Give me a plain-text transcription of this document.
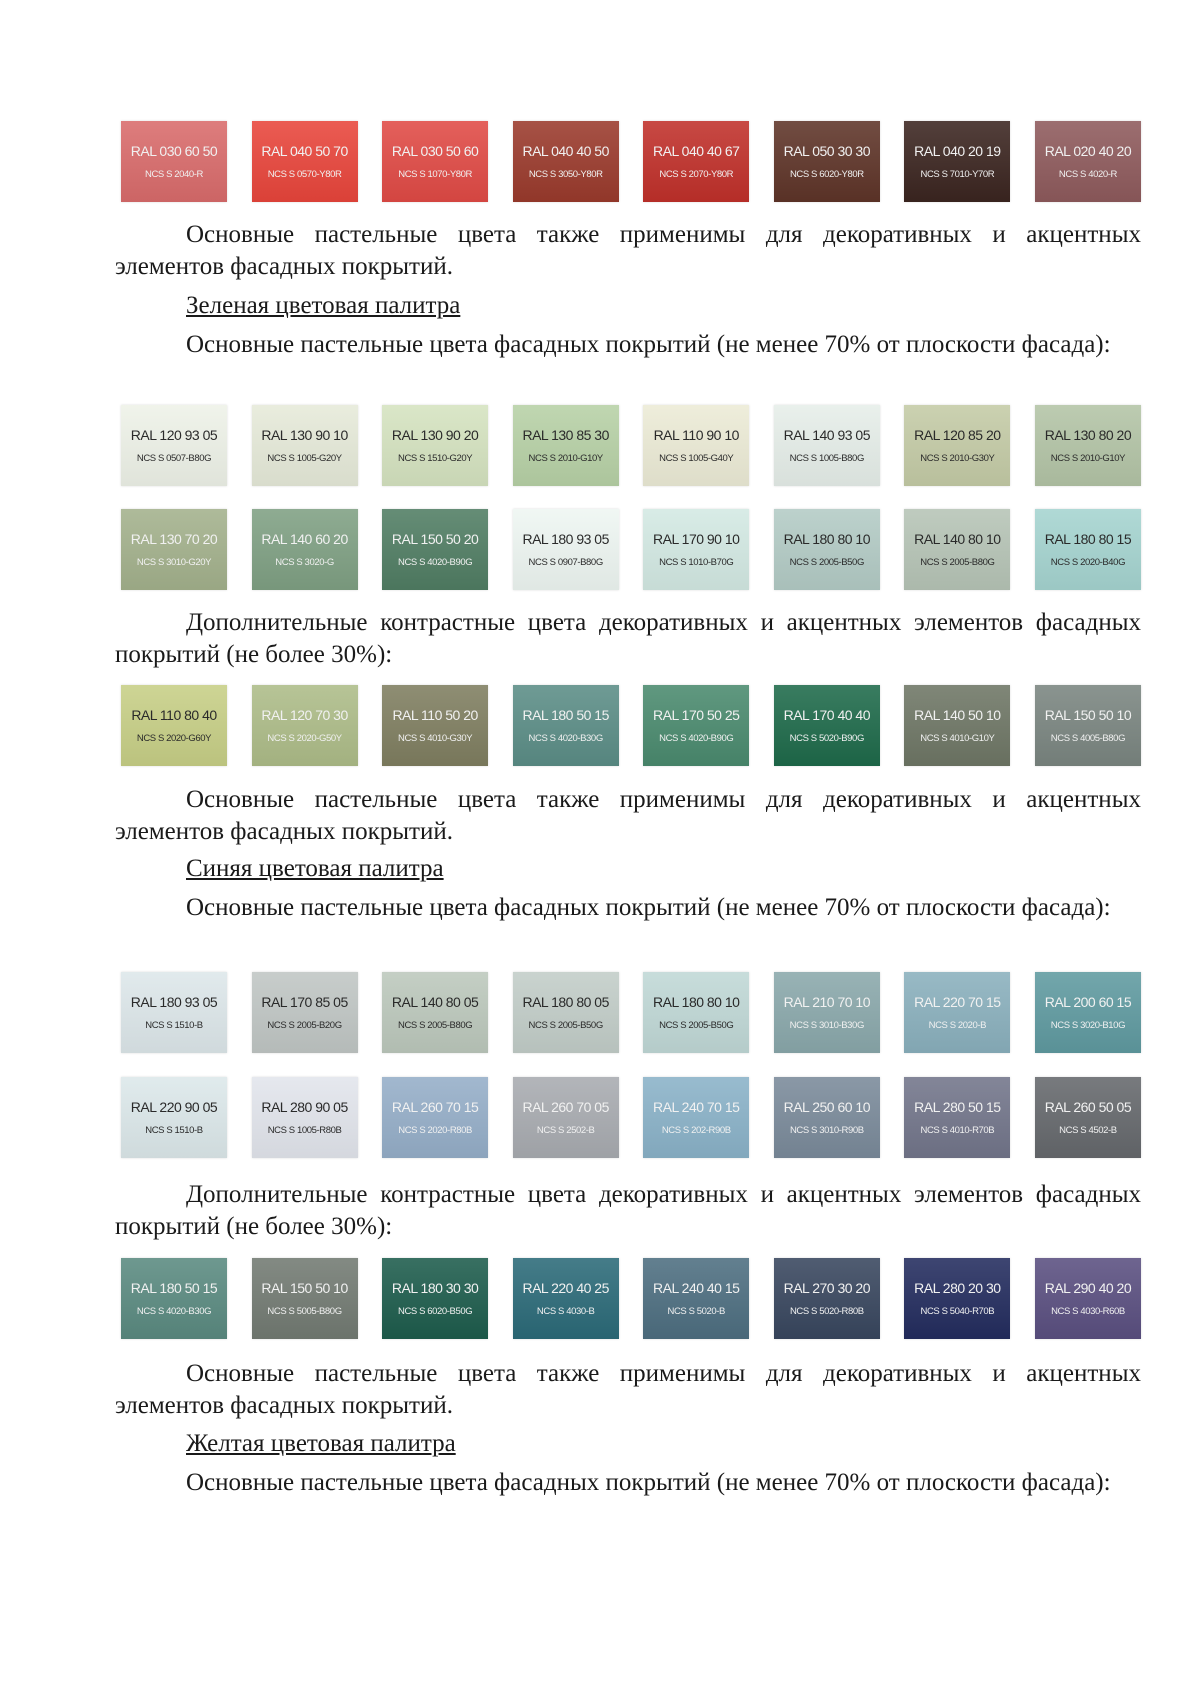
RAL 030 60 50
NCS S 2040-R
RAL 040 50 70
NCS S 0570-Y80R
RAL 030 50 60
NCS S 1070-Y80R
RAL 040 40 50
NCS S 3050-Y80R
RAL 040 40 67
NCS S 2070-Y80R
RAL 050 30 30
NCS S 6020-Y80R
RAL 040 20 19
NCS S 7010-Y70R
RAL 020 40 20
NCS S 4020-R

Основные пастельные цвета также применимы для декоративных и акцентных элементов фасадных покрытий.

Зеленая цветовая палитра

Основные пастельные цвета фасадных покрытий (не менее 70% от плоскости фасада):

RAL 120 93 05
NCS S 0507-B80G
RAL 130 90 10
NCS S 1005-G20Y
RAL 130 90 20
NCS S 1510-G20Y
RAL 130 85 30
NCS S 2010-G10Y
RAL 110 90 10
NCS S 1005-G40Y
RAL 140 93 05
NCS S 1005-B80G
RAL 120 85 20
NCS S 2010-G30Y
RAL 130 80 20
NCS S 2010-G10Y
RAL 130 70 20
NCS S 3010-G20Y
RAL 140 60 20
NCS S 3020-G
RAL 150 50 20
NCS S 4020-B90G
RAL 180 93 05
NCS S 0907-B80G
RAL 170 90 10
NCS S 1010-B70G
RAL 180 80 10
NCS S 2005-B50G
RAL 140 80 10
NCS S 2005-B80G
RAL 180 80 15
NCS S 2020-B40G

Дополнительные контрастные цвета декоративных и акцентных элементов фасадных покрытий (не более 30%):

RAL 110 80 40
NCS S 2020-G60Y
RAL 120 70 30
NCS S 2020-G50Y
RAL 110 50 20
NCS S 4010-G30Y
RAL 180 50 15
NCS S 4020-B30G
RAL 170 50 25
NCS S 4020-B90G
RAL 170 40 40
NCS S 5020-B90G
RAL 140 50 10
NCS S 4010-G10Y
RAL 150 50 10
NCS S 4005-B80G

Основные пастельные цвета также применимы для декоративных и акцентных элементов фасадных покрытий.

Синяя цветовая палитра

Основные пастельные цвета фасадных покрытий (не менее 70% от плоскости фасада):

RAL 180 93 05
NCS S 1510-B
RAL 170 85 05
NCS S 2005-B20G
RAL 140 80 05
NCS S 2005-B80G
RAL 180 80 05
NCS S 2005-B50G
RAL 180 80 10
NCS S 2005-B50G
RAL 210 70 10
NCS S 3010-B30G
RAL 220 70 15
NCS S 2020-B
RAL 200 60 15
NCS S 3020-B10G
RAL 220 90 05
NCS S 1510-B
RAL 280 90 05
NCS S 1005-R80B
RAL 260 70 15
NCS S 2020-R80B
RAL 260 70 05
NCS S 2502-B
RAL 240 70 15
NCS S 202-R90B
RAL 250 60 10
NCS S 3010-R90B
RAL 280 50 15
NCS S 4010-R70B
RAL 260 50 05
NCS S 4502-B

Дополнительные контрастные цвета декоративных и акцентных элементов фасадных покрытий (не более 30%):

RAL 180 50 15
NCS S 4020-B30G
RAL 150 50 10
NCS S 5005-B80G
RAL 180 30 30
NCS S 6020-B50G
RAL 220 40 25
NCS S 4030-B
RAL 240 40 15
NCS S 5020-B
RAL 270 30 20
NCS S 5020-R80B
RAL 280 20 30
NCS S 5040-R70B
RAL 290 40 20
NCS S 4030-R60B

Основные пастельные цвета также применимы для декоративных и акцентных элементов фасадных покрытий.

Желтая цветовая палитра

Основные пастельные цвета фасадных покрытий (не менее 70% от плоскости фасада):
